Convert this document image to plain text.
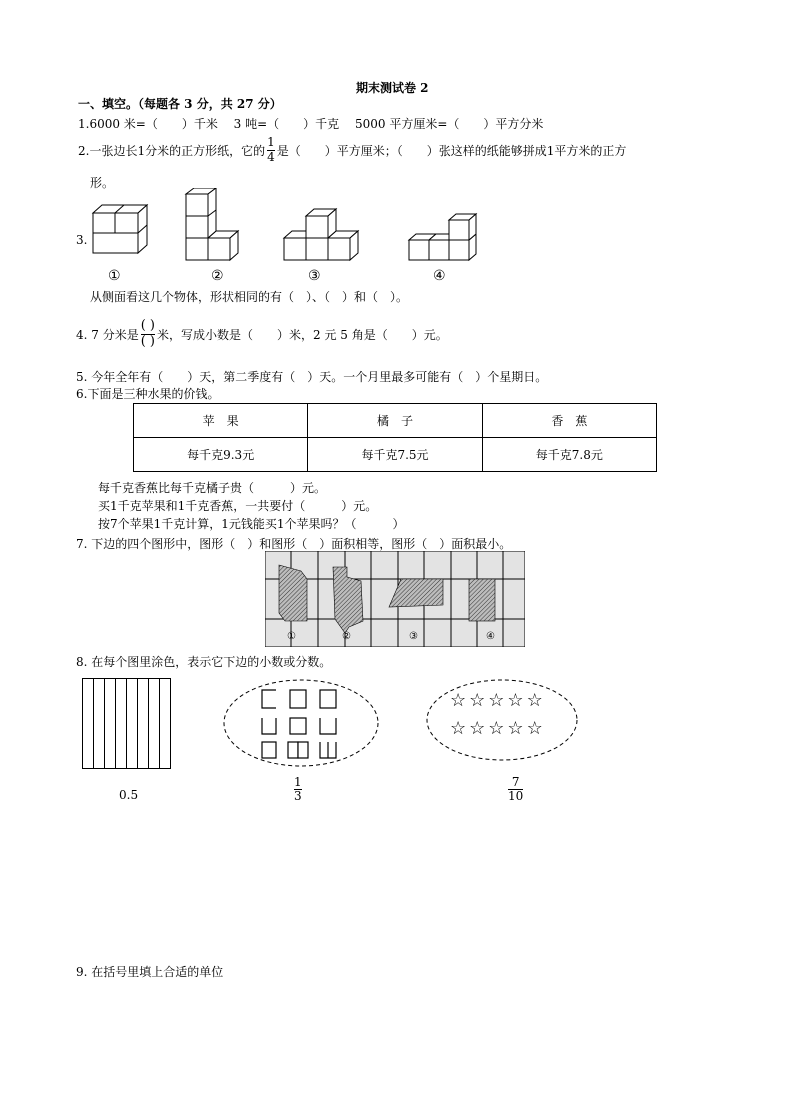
期末测试卷 2
一、填空。（每题各 3 分，共 27 分）
1.6000 米=（　　）千米　 3 吨=（　　）千克　 5000 平方厘米=（　　）平方分米
2.一张边长1分米的正方形纸，它的 $\frac{1}{4}$ 是（　　）平方厘米；（　　）张这样的纸能够拼成1平方米的正方
形。
3.
①	②	③	④
从侧面看这几个物体，形状相同的有（　）、（　）和（　）。
4. 7 分米是 $\frac{( )}{( )}$ 米，写成小数是（　　）米，2 元 5 角是（　　）元。
5. 今年全年有（　　）天，第二季度有（　）天。一个月里最多可能有（　）个星期日。
6.下面是三种水果的价钱。
苹　果	橘　子	香　蕉
每千克9.3元	每千克7.5元	每千克7.8元
每千克香蕉比每千克橘子贵（　　　）元。
买1千克苹果和1千克香蕉，一共要付（　　　）元。
按7个苹果1千克计算，1元钱能买1个苹果吗？（　　　）
7. 下边的四个图形中，图形（　）和图形（　）面积相等，图形（　）面积最小。
①	②	③	④
8. 在每个图里涂色，表示它下边的小数或分数。
0.5	$\frac{1}{3}$
☆☆☆☆☆
☆☆☆☆☆
$\frac{7}{10}$
9. 在括号里填上合适的单位
